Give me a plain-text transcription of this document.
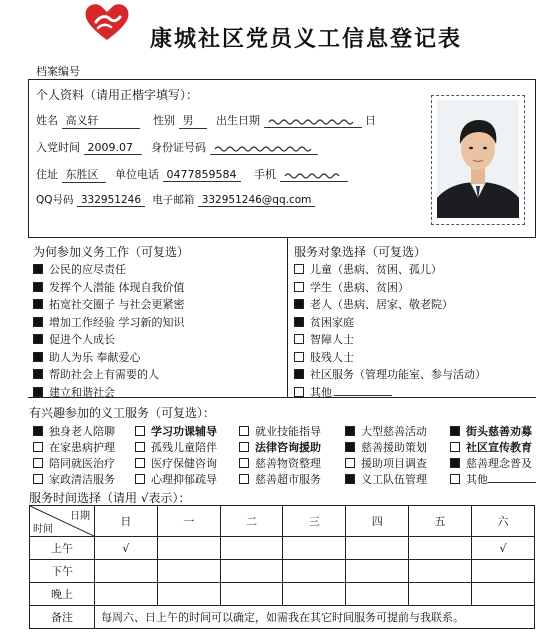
康城社区党员义工信息登记表
档案编号
个人资料（请用正楷字填写）：
姓名 高义轩	性别 男 出生日期	日
入党时间 2009.07 身份证号码
住址 东胜区 单位电话 0477859584 手机
QQ号码 332951246 电子邮箱 332951246@qq.com
为何参加义务工作（可复选）
公民的应尽责任
发挥个人潜能 体现自我价值
拓宽社交圈子 与社会更紧密
增加工作经验 学习新的知识
促进个人成长
助人为乐 奉献爱心
帮助社会上有需要的人
建立和谐社会
服务对象选择（可复选）
儿童（患病、贫困、孤儿）
学生（患病、贫困）
老人（患病、居家、敬老院）
贫困家庭
智障人士
肢残人士
社区服务（管理功能室、参与活动）
其他
有兴趣参加的义工服务（可复选）：
独身老人陪聊	学习功课辅导	就业技能指导	大型慈善活动	街头慈善劝募
在家患病护理	孤残儿童陪伴	法律咨询援助	慈善援助策划	社区宣传教育
陪同就医治疗	医疗保健咨询	慈善物资整理	援助项目调查	慈善理念普及
家政清洁服务	心理抑郁疏导	慈善超市服务	义工队伍管理	其他
服务时间选择（请用 √表示）：
日期
时间	日	一	二	三	四	五	六
上午	√						√
下午							
晚上							
备注	每周六、日上午的时间可以确定，如需我在其它时间服务可提前与我联系。						
